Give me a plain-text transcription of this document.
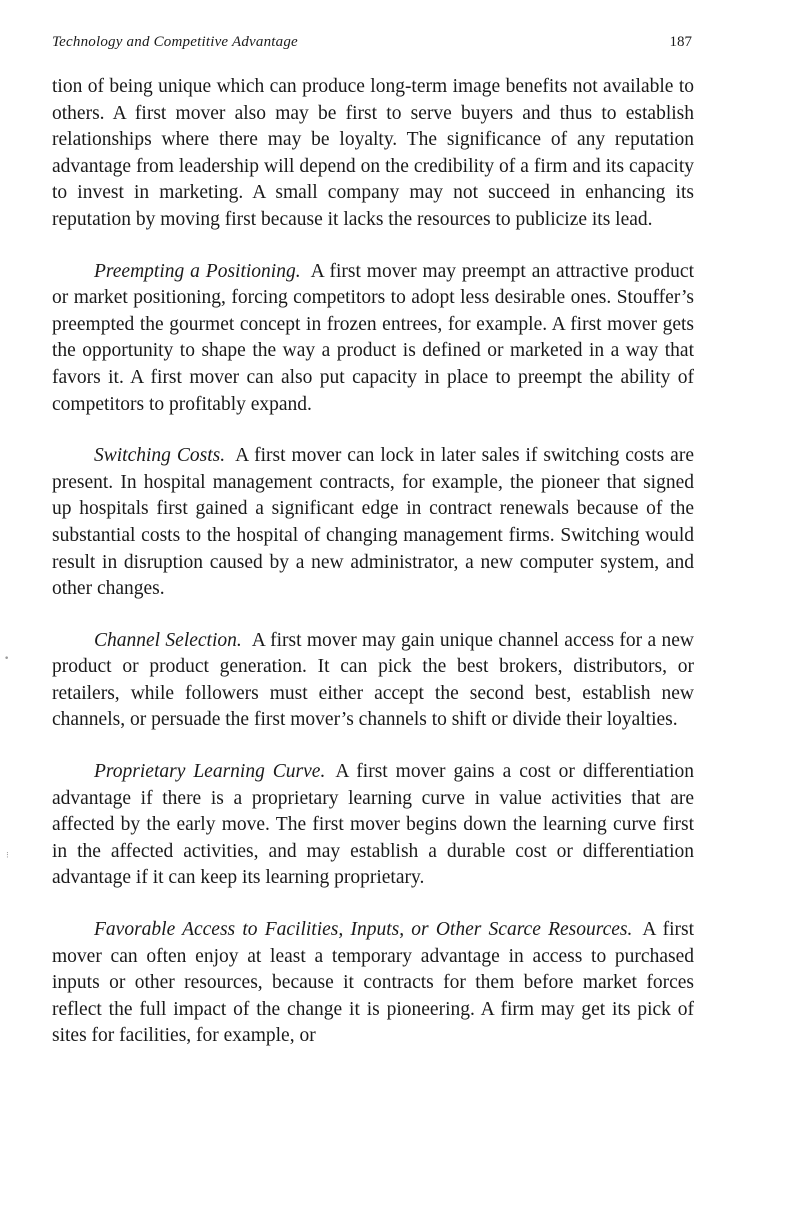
Technology and Competitive Advantage	187

tion of being unique which can produce long-term image benefits not available to others. A first mover also may be first to serve buyers and thus to establish relationships where there may be loyalty. The significance of any reputation advantage from leadership will depend on the credibility of a firm and its capacity to invest in marketing. A small company may not succeed in enhancing its reputation by moving first because it lacks the resources to publicize its lead.

Preempting a Positioning. A first mover may preempt an attractive product or market positioning, forcing competitors to adopt less desirable ones. Stouffer’s preempted the gourmet concept in frozen entrees, for example. A first mover gets the opportunity to shape the way a product is defined or marketed in a way that favors it. A first mover can also put capacity in place to preempt the ability of competitors to profitably expand.

Switching Costs. A first mover can lock in later sales if switching costs are present. In hospital management contracts, for example, the pioneer that signed up hospitals first gained a significant edge in contract renewals because of the substantial costs to the hospital of changing management firms. Switching would result in disruption caused by a new administrator, a new computer system, and other changes.

Channel Selection. A first mover may gain unique channel access for a new product or product generation. It can pick the best brokers, distributors, or retailers, while followers must either accept the second best, establish new channels, or persuade the first mover’s channels to shift or divide their loyalties.

Proprietary Learning Curve. A first mover gains a cost or differentiation advantage if there is a proprietary learning curve in value activities that are affected by the early move. The first mover begins down the learning curve first in the affected activities, and may establish a durable cost or differentiation advantage if it can keep its learning proprietary.

Favorable Access to Facilities, Inputs, or Other Scarce Resources. A first mover can often enjoy at least a temporary advantage in access to purchased inputs or other resources, because it contracts for them before market forces reflect the full impact of the change it is pioneering. A firm may get its pick of sites for facilities, for example, or

•
⁝
